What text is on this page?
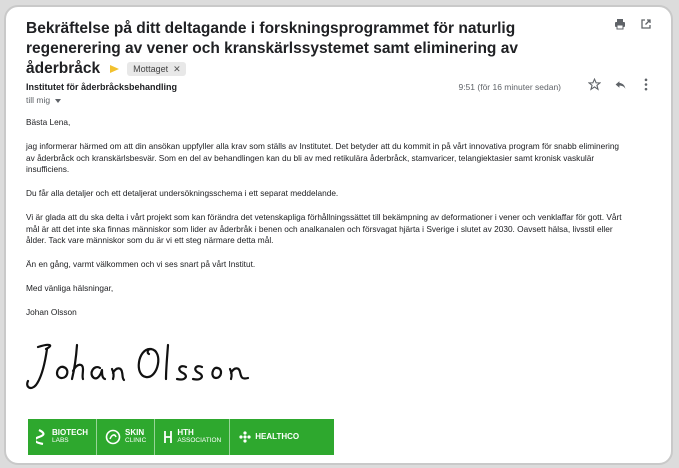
Bekräftelse på ditt deltagande i forskningsprogrammet för naturlig regenerering av vener och kranskärlssystemet samt eliminering av åderbråck	Mottaget ✕
Institutet för åderbråcksbehandling
till mig
9:51 (för 16 minuter sedan)

Bästa Lena,

jag informerar härmed om att din ansökan uppfyller alla krav som ställs av Institutet. Det betyder att du kommit in på vårt innovativa program för snabb eliminering av åderbråck och kranskärlsbesvär. Som en del av behandlingen kan du bli av med retikulära åderbråck, stamvaricer, telangiektasier samt kronisk vaskulär insufficiens.

Du får alla detaljer och ett detaljerat undersökningsschema i ett separat meddelande.

Vi är glada att du ska delta i vårt projekt som kan förändra det vetenskapliga förhållningssättet till bekämpning av deformationer i vener och venklaffar för gott. Vårt mål är att det inte ska finnas människor som lider av åderbråk i benen och analkanalen och försvagat hjärta i Sverige i slutet av 2030. Oavsett hälsa, livsstil eller ålder. Tack vare människor som du är vi ett steg närmare detta mål.

Än en gång, varmt välkommen och vi ses snart på vårt Institut.

Med vänliga hälsningar,

Johan Olsson

BIOTECH
LABS
SKIN
CLINIC
HTH
ASSOCIATION	HEALTHCO
